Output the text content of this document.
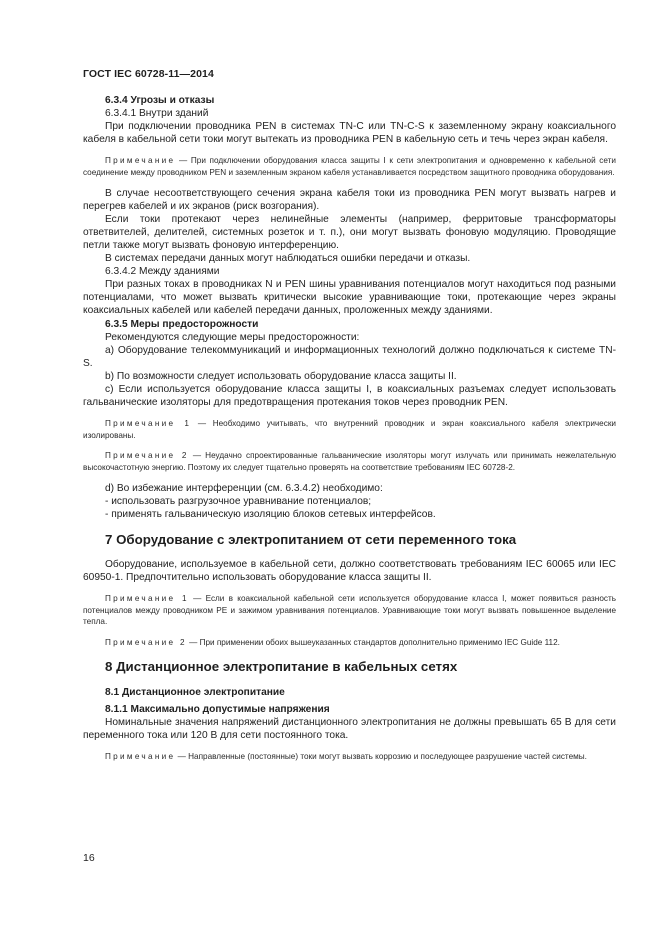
ГОСТ IEC 60728-11—2014
6.3.4 Угрозы и отказы
6.3.4.1 Внутри зданий

При подключении проводника PEN в системах TN-C или TN-C-S к заземленному экрану коаксиального кабеля в кабельной сети токи могут вытекать из проводника PEN в кабельную сеть и течь через экран кабеля.

Примечание — При подключении оборудования класса защиты I к сети электропитания и одновременно к кабельной сети соединение между проводником PEN и заземленным экраном кабеля устанавливается посредством защитного проводника оборудования.

В случае несоответствующего сечения экрана кабеля токи из проводника PEN могут вызвать нагрев и перегрев кабелей и их экранов (риск возгорания).

Если токи протекают через нелинейные элементы (например, ферритовые трансформаторы ответвителей, делителей, системных розеток и т. п.), они могут вызвать фоновую модуляцию. Проводящие петли также могут вызвать фоновую интерференцию.

В системах передачи данных могут наблюдаться ошибки передачи и отказы.

6.3.4.2 Между зданиями

При разных токах в проводниках N и PEN шины уравнивания потенциалов могут находиться под разными потенциалами, что может вызвать критически высокие уравнивающие токи, протекающие через экраны коаксиальных кабелей или кабелей передачи данных, проложенных между зданиями.

6.3.5 Меры предосторожности

Рекомендуются следующие меры предосторожности:

a) Оборудование телекоммуникаций и информационных технологий должно подключаться к системе TN-S.

b) По возможности следует использовать оборудование класса защиты II.

c) Если используется оборудование класса защиты I, в коаксиальных разъемах следует использовать гальванические изоляторы для предотвращения протекания токов через проводник PEN.

Примечание 1 — Необходимо учитывать, что внутренний проводник и экран коаксиального кабеля электрически изолированы.
Примечание 2 — Неудачно спроектированные гальванические изоляторы могут излучать или принимать нежелательную высокочастотную энергию. Поэтому их следует тщательно проверять на соответствие требованиям IEC 60728-2.

d) Во избежание интерференции (см. 6.3.4.2) необходимо:

- использовать разгрузочное уравнивание потенциалов;

- применять гальваническую изоляцию блоков сетевых интерфейсов.

7 Оборудование с электропитанием от сети переменного тока

Оборудование, используемое в кабельной сети, должно соответствовать требованиям IEC 60065 или IEC 60950-1. Предпочтительно использовать оборудование класса защиты II.

Примечание 1 — Если в коаксиальной кабельной сети используется оборудование класса I, может появиться разность потенциалов между проводником PE и зажимом уравнивания потенциалов. Уравнивающие токи могут вызвать повышенное выделение тепла.
Примечание 2 — При применении обоих вышеуказанных стандартов дополнительно применимо IEC Guide 112.
8 Дистанционное электропитание в кабельных сетях
8.1 Дистанционное электропитание
8.1.1 Максимально допустимые напряжения

Номинальные значения напряжений дистанционного электропитания не должны превышать 65 В для сети переменного тока или 120 В для сети постоянного тока.

Примечание — Направленные (постоянные) токи могут вызвать коррозию и последующее разрушение частей системы.
16
